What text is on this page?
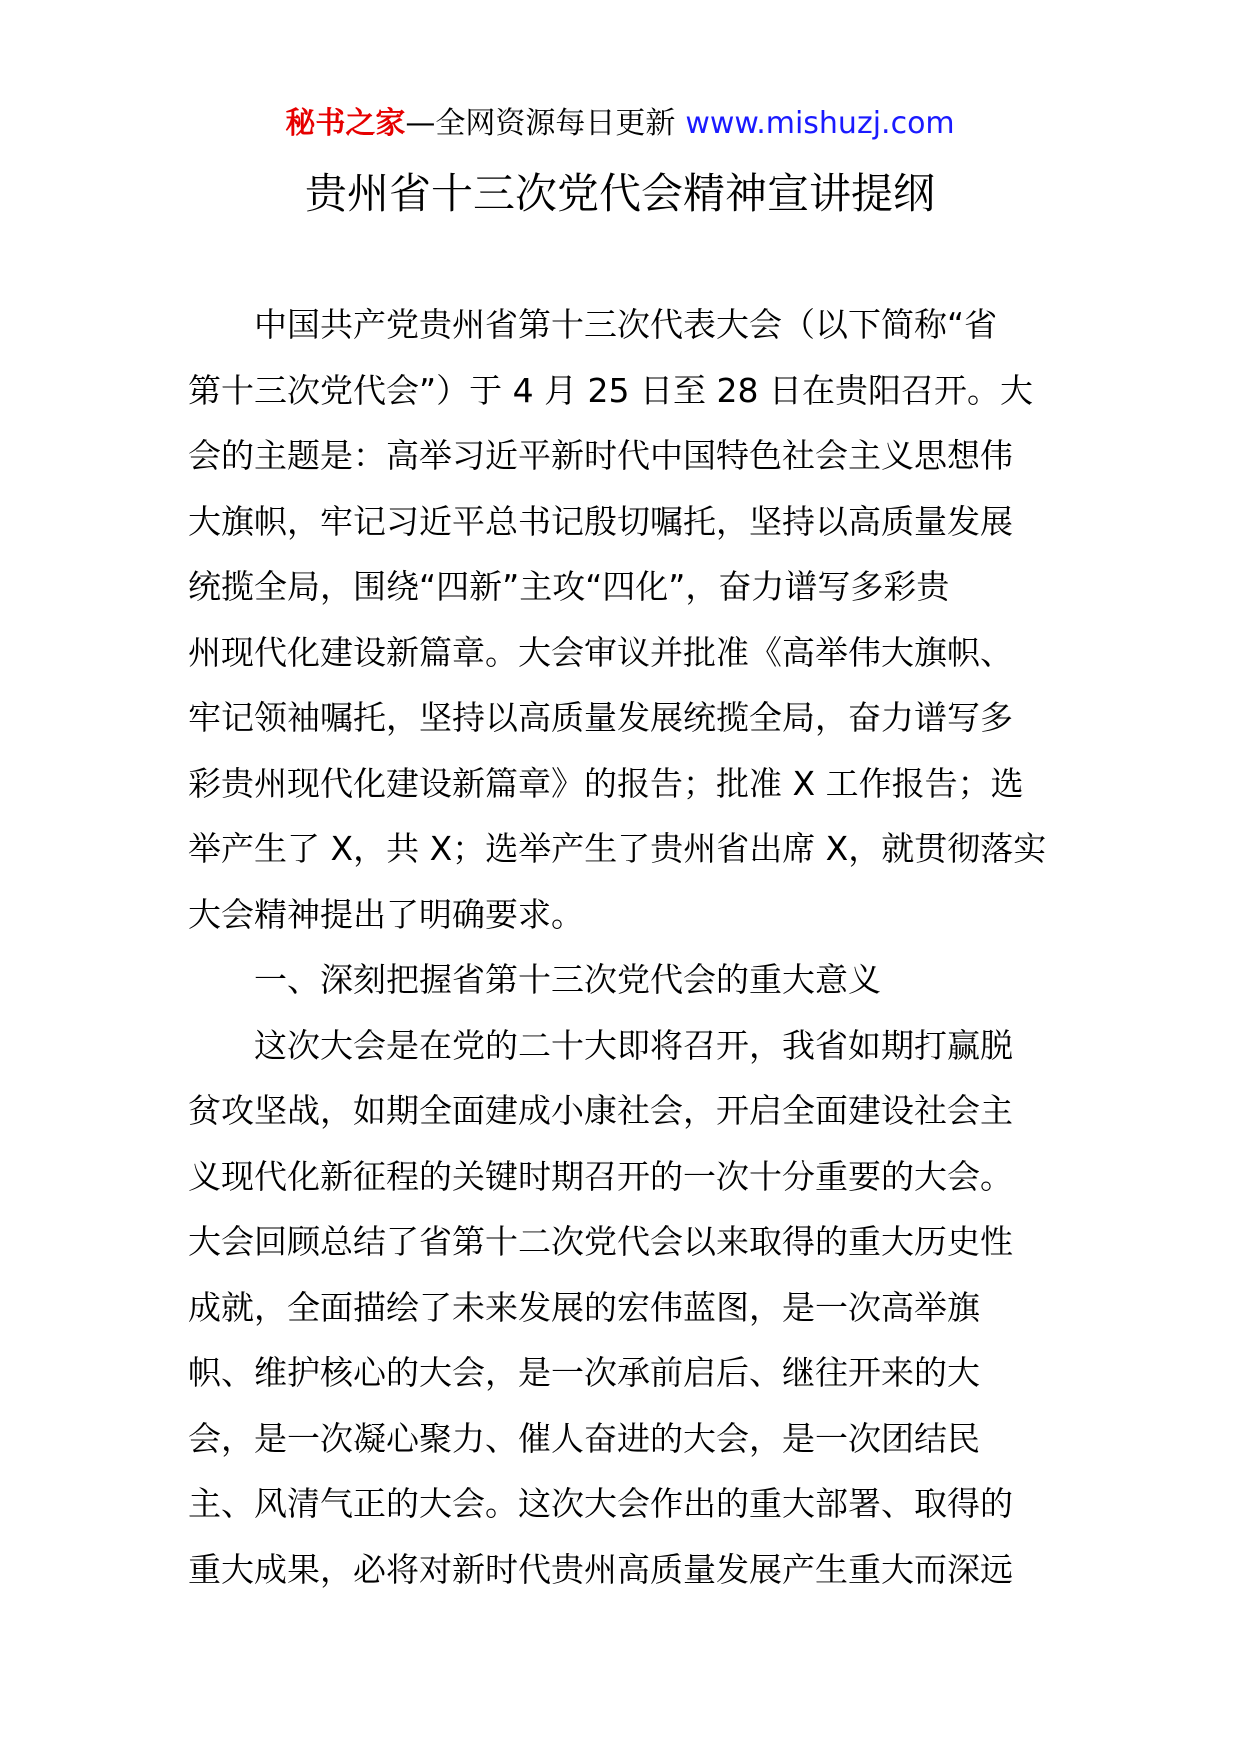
秘书之家—全网资源每日更新 www.mishuzj.com
贵州省十三次党代会精神宣讲提纲
中国共产党贵州省第十三次代表大会（以下简称“省
第十三次党代会”）于 4 月 25 日至 28 日在贵阳召开。大
会的主题是：高举习近平新时代中国特色社会主义思想伟
大旗帜，牢记习近平总书记殷切嘱托，坚持以高质量发展
统揽全局，围绕“四新”主攻“四化”，奋力谱写多彩贵
州现代化建设新篇章。大会审议并批准《高举伟大旗帜、
牢记领袖嘱托，坚持以高质量发展统揽全局，奋力谱写多
彩贵州现代化建设新篇章》的报告；批准 X 工作报告；选
举产生了 X，共 X；选举产生了贵州省出席 X，就贯彻落实
大会精神提出了明确要求。
一、深刻把握省第十三次党代会的重大意义
这次大会是在党的二十大即将召开，我省如期打赢脱
贫攻坚战，如期全面建成小康社会，开启全面建设社会主
义现代化新征程的关键时期召开的一次十分重要的大会。
大会回顾总结了省第十二次党代会以来取得的重大历史性
成就，全面描绘了未来发展的宏伟蓝图，是一次高举旗
帜、维护核心的大会，是一次承前启后、继往开来的大
会，是一次凝心聚力、催人奋进的大会，是一次团结民
主、风清气正的大会。这次大会作出的重大部署、取得的
重大成果，必将对新时代贵州高质量发展产生重大而深远
